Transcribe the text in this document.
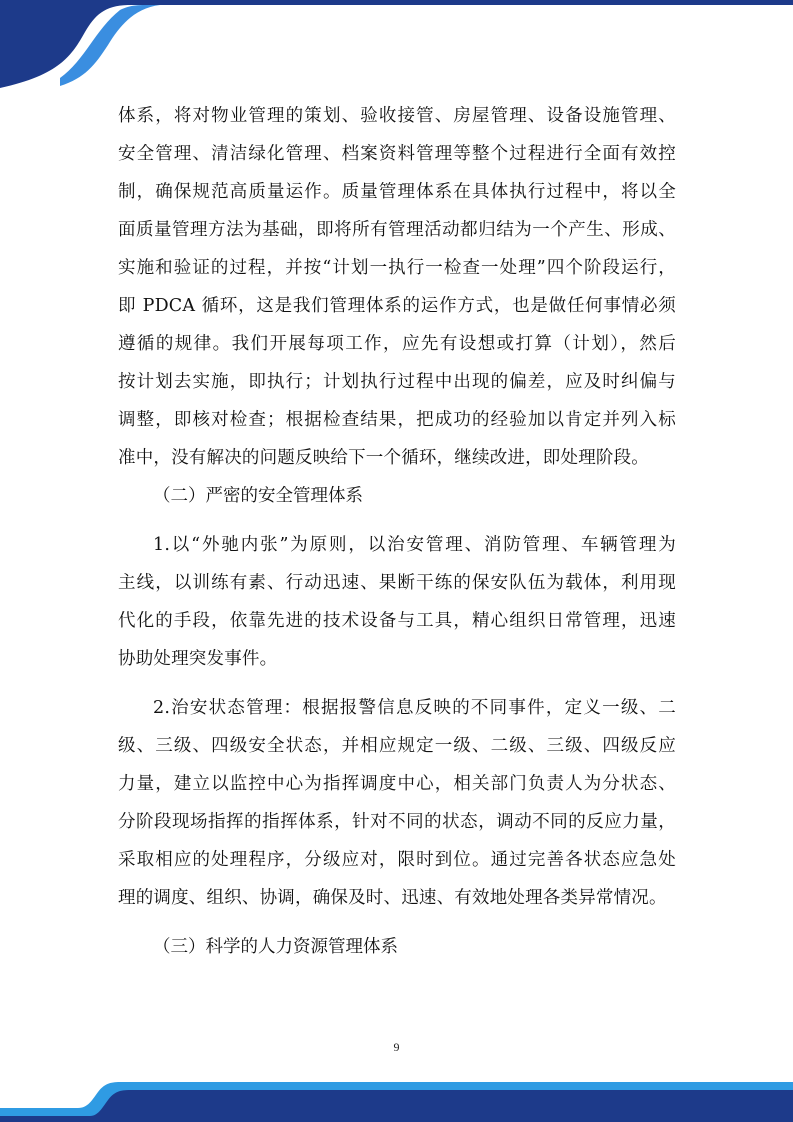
体系，将对物业管理的策划、验收接管、房屋管理、设备设施管理、
安全管理、清洁绿化管理、档案资料管理等整个过程进行全面有效控
制，确保规范高质量运作。质量管理体系在具体执行过程中，将以全
面质量管理方法为基础，即将所有管理活动都归结为一个产生、形成、
实施和验证的过程，并按“计划一执行一检查一处理”四个阶段运行，
即 PDCA 循环，这是我们管理体系的运作方式，也是做任何事情必须
遵循的规律。我们开展每项工作，应先有设想或打算（计划），然后
按计划去实施，即执行；计划执行过程中出现的偏差，应及时纠偏与
调整，即核对检查；根据检查结果，把成功的经验加以肯定并列入标
准中，没有解决的问题反映给下一个循环，继续改进，即处理阶段。
（二）严密的安全管理体系
1.以“外驰内张”为原则，以治安管理、消防管理、车辆管理为
主线，以训练有素、行动迅速、果断干练的保安队伍为载体，利用现
代化的手段，依靠先进的技术设备与工具，精心组织日常管理，迅速
协助处理突发事件。
2.治安状态管理：根据报警信息反映的不同事件，定义一级、二
级、三级、四级安全状态，并相应规定一级、二级、三级、四级反应
力量，建立以监控中心为指挥调度中心，相关部门负责人为分状态、
分阶段现场指挥的指挥体系，针对不同的状态，调动不同的反应力量，
采取相应的处理程序，分级应对，限时到位。通过完善各状态应急处
理的调度、组织、协调，确保及时、迅速、有效地处理各类异常情况。
（三）科学的人力资源管理体系
9
